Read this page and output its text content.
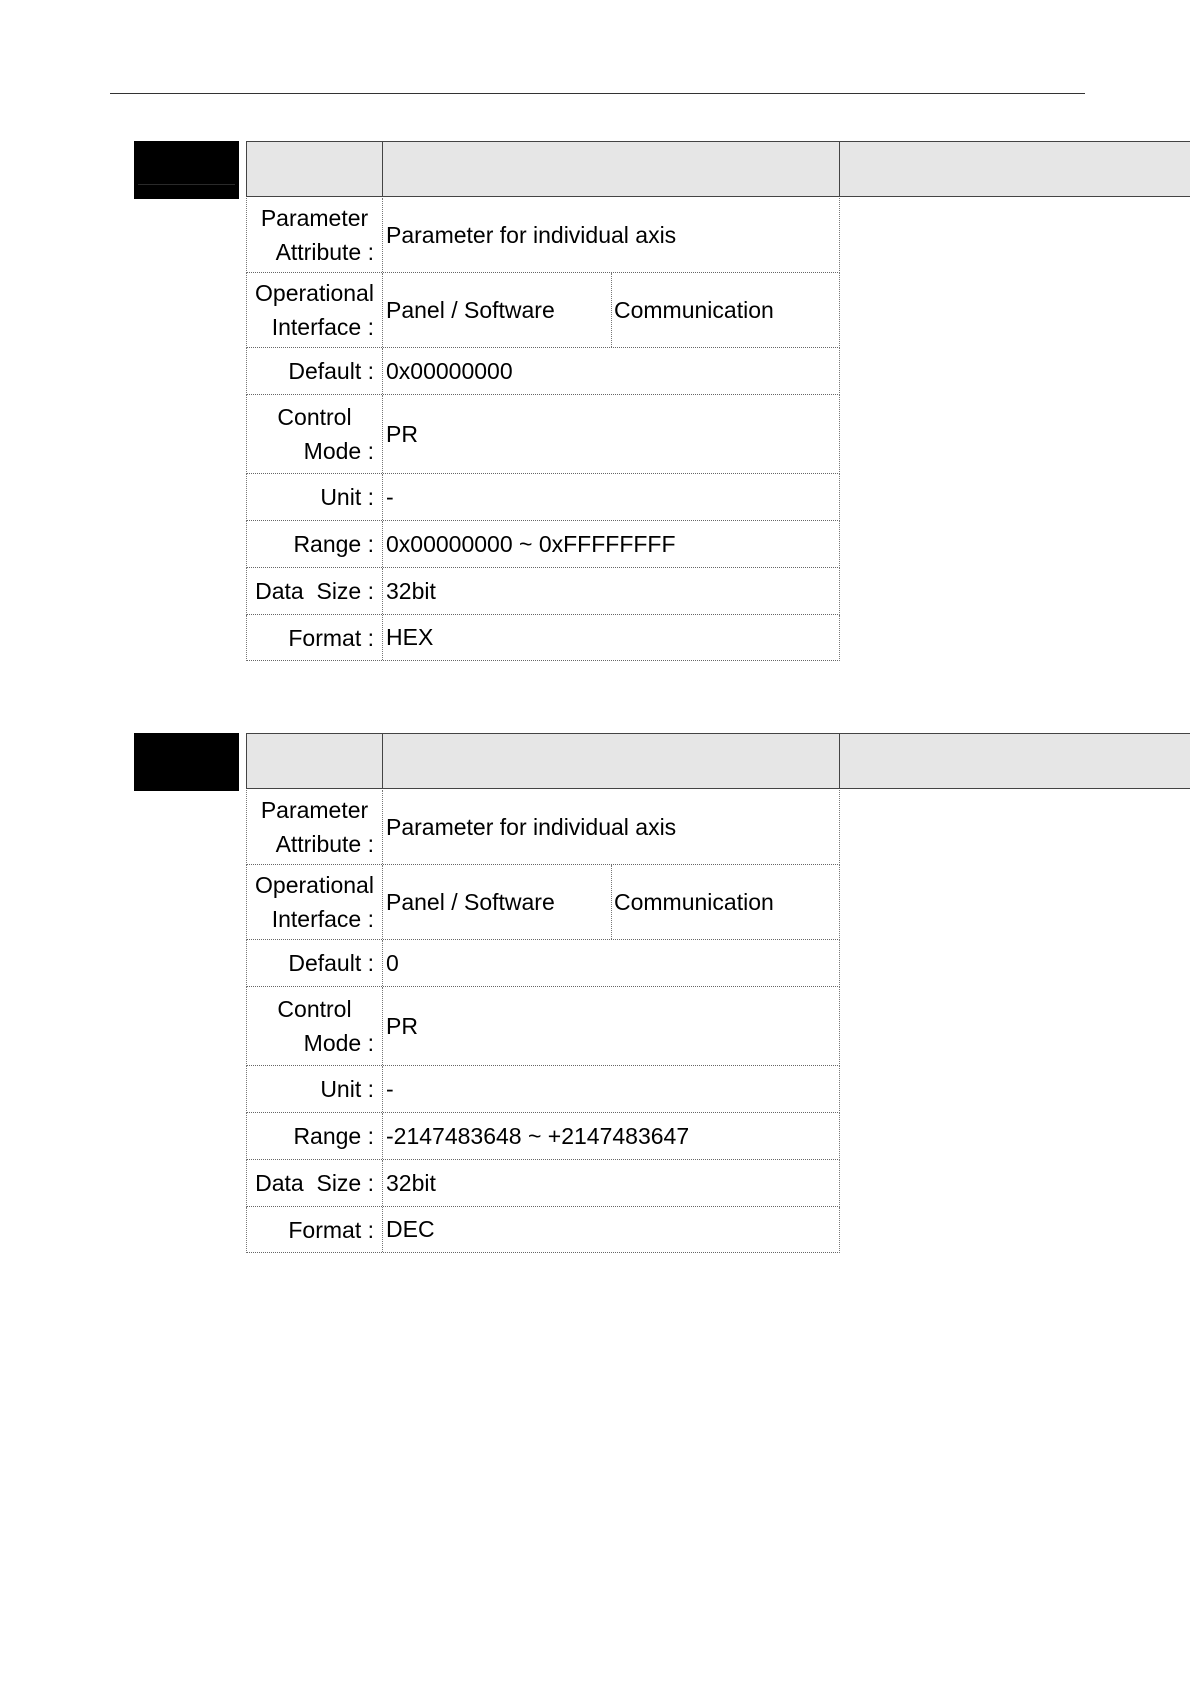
Parameter
Attribute :
Parameter for individual axis
Operational
Interface :
Panel / Software	Communication
Default : 0x00000000
Control
Mode :
PR
Unit : -
Range : 0x00000000 ~ 0xFFFFFFFF
Data  Size : 32bit
Format : HEX
Parameter
Attribute :
Parameter for individual axis
Operational
Interface :
Panel / Software	Communication
Default : 0
Control
Mode :
PR
Unit : -
Range : -2147483648 ~ +2147483647
Data  Size : 32bit
Format : DEC
